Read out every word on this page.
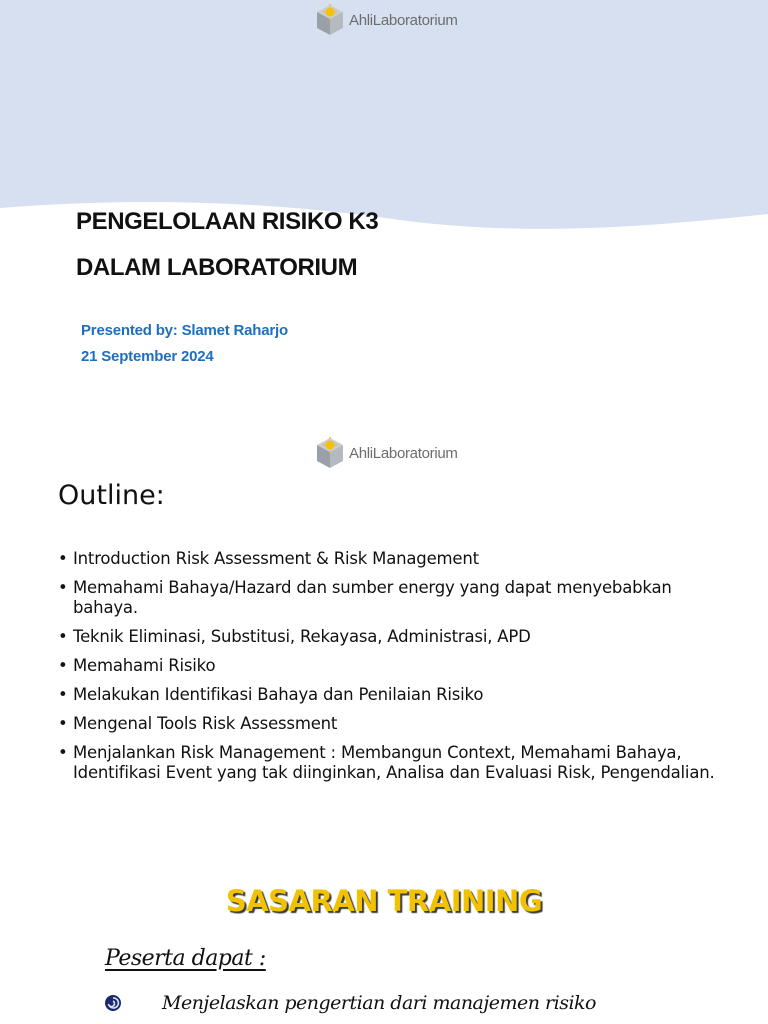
AhliLaboratorium
PENGELOLAAN RISIKO K3
DALAM LABORATORIUM
Presented by: Slamet Raharjo
21 September 2024
AhliLaboratorium
Outline:
• Introduction Risk Assessment & Risk Management
• Memahami Bahaya/Hazard dan sumber energy yang dapat menyebabkan bahaya.
• Teknik Eliminasi, Substitusi, Rekayasa, Administrasi, APD
• Memahami Risiko
• Melakukan Identifikasi Bahaya dan Penilaian Risiko
• Mengenal Tools Risk Assessment
• Menjalankan Risk Management : Membangun Context, Memahami Bahaya, Identifikasi Event yang tak diinginkan, Analisa dan Evaluasi Risk, Pengendalian.
SASARAN TRAINING
Peserta dapat :
Menjelaskan pengertian dari manajemen risiko
